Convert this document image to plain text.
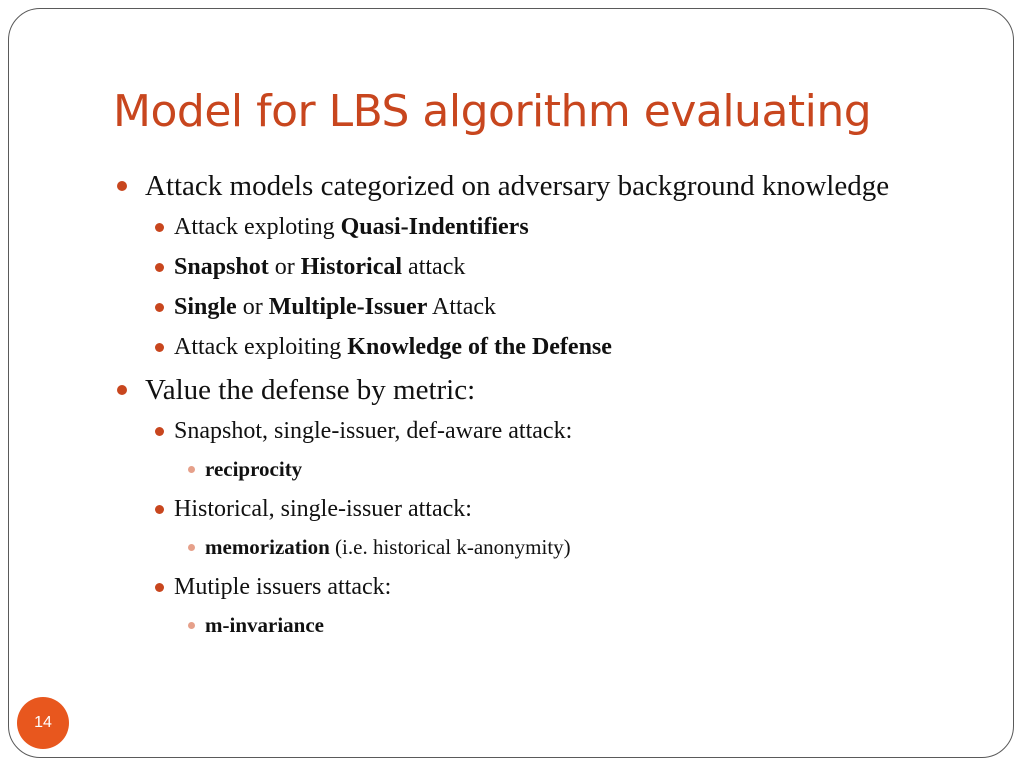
Model for LBS algorithm evaluating
Attack models categorized on adversary background knowledge
Attack exploting Quasi-Indentifiers
Snapshot or Historical attack
Single or Multiple-Issuer Attack
Attack exploiting Knowledge of the Defense
Value the defense by metric:
Snapshot, single-issuer, def-aware attack:
reciprocity
Historical, single-issuer attack:
memorization (i.e. historical k-anonymity)
Mutiple issuers attack:
m-invariance
14
